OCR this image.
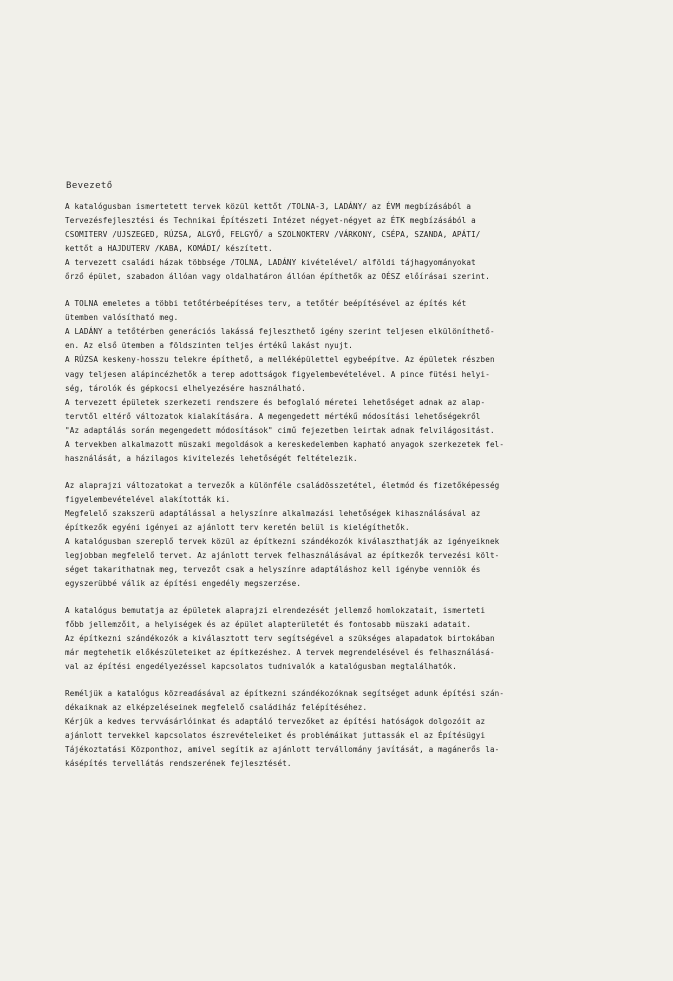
Bevezető
A katalógusban ismertetett tervek közül kettőt /TOLNA-3, LADÁNY/ az ÉVM megbízásából a
Tervezésfejlesztési és Technikai Építészeti Intézet négyet-négyet az ÉTK megbízásából a
CSOMITERV /UJSZEGED, RÚZSA, ALGYŐ, FELGYŐ/ a SZOLNOKTERV /VÁRKONY, CSÉPA, SZANDA, APÁTI/
kettőt a HAJDUTERV /KABA, KOMÁDI/ készített.
A tervezett családi házak többsége /TOLNA, LADÁNY kivételével/ alföldi tájhagyományokat
őrző épület, szabadon állóan vagy oldalhatáron állóan építhetők az OÉSZ előírásai szerint.
A TOLNA emeletes a többi tetőtérbeépítéses terv, a tetőtér beépítésével az építés két
ütemben valósítható meg.
A LADÁNY a tetőtérben generációs lakássá fejleszthető igény szerint teljesen elkülöníthető-
en. Az első ütemben a földszinten teljes értékű lakást nyujt.
A RÚZSA keskeny-hosszu telekre építhető, a melléképülettel egybeépítve. Az épületek részben
vagy teljesen alápincézhetők a terep adottságok figyelembevételével. A pince fütési helyi-
ség, tárolók és gépkocsi elhelyezésére használható.
A tervezett épületek szerkezeti rendszere és befoglaló méretei lehetőséget adnak az alap-
tervtől eltérő változatok kialakítására. A megengedett mértékű módosítási lehetőségekről
"Az adaptálás során megengedett módosítások" cimű fejezetben leirtak adnak felvilágositást.
A tervekben alkalmazott müszaki megoldások a kereskedelemben kapható anyagok szerkezetek fel-
használását, a házilagos kivitelezés lehetőségét feltételezik.
Az alaprajzi változatokat a tervezők a különféle családösszetétel, életmód és fizetőképesség
figyelembevételével alakították ki.
Megfelelő szakszerü adaptálással a helyszínre alkalmazási lehetőségek kihasználásával az
építkezők egyéni igényei az ajánlott terv keretén belül is kielégíthetők.
A katalógusban szereplő tervek közül az építkezni szándékozók kiválaszthatják az igényeiknek
legjobban megfelelő tervet. Az ajánlott tervek felhasználásával az építkezők tervezési költ-
séget takarithatnak meg, tervezőt csak a helyszínre adaptáláshoz kell igénybe venniök és
egyszerübbé válik az építési engedély megszerzése.
A katalógus bemutatja az épületek alaprajzi elrendezését jellemző homlokzatait, ismerteti
főbb jellemzőit, a helyiségek és az épület alapterületét és fontosabb müszaki adatait.
Az építkezni szándékozók a kiválasztott terv segítségével a szükséges alapadatok birtokában
már megtehetik előkészületeiket az építkezéshez. A tervek megrendelésével és felhasználásá-
val az építési engedélyezéssel kapcsolatos tudnivalók a katalógusban megtalálhatók.
Reméljük a katalógus közreadásával az építkezni szándékozóknak segítséget adunk építési szán-
dékaiknak az elképzeléseinek megfelelő családiház felépítéséhez.
Kérjük a kedves tervvásárlóinkat és adaptáló tervezőket az építési hatóságok dolgozóit az
ajánlott tervekkel kapcsolatos észrevételeiket és problémáikat juttassák el az Építésügyi
Tájékoztatási Központhoz, amivel segítik az ajánlott tervállomány javítását, a magánerős la-
kásépítés tervellátás rendszerének fejlesztését.
